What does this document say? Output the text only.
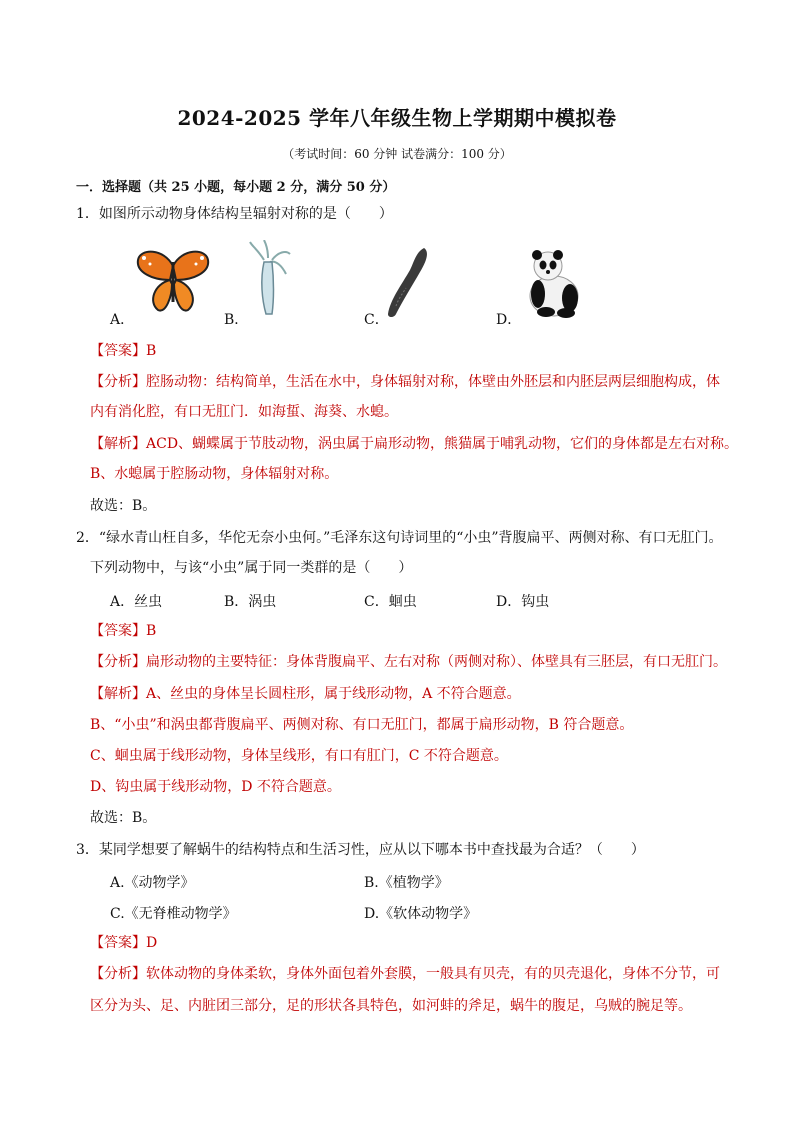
2024-2025 学年八年级生物上学期期中模拟卷
（考试时间：60 分钟 试卷满分：100 分）
一．选择题（共 25 小题，每小题 2 分，满分 50 分）
1．如图所示动物身体结构呈辐射对称的是（　　）
A．	B．	C．	D．
【答案】B
【分析】腔肠动物：结构简单，生活在水中，身体辐射对称，体壁由外胚层和内胚层两层细胞构成，体
内有消化腔，有口无肛门．如海蜇、海葵、水螅。
【解析】ACD、蝴蝶属于节肢动物，涡虫属于扁形动物，熊猫属于哺乳动物，它们的身体都是左右对称。
B、水螅属于腔肠动物，身体辐射对称。
故选：B。
2．“绿水青山枉自多，华佗无奈小虫何。”毛泽东这句诗词里的“小虫”背腹扁平、两侧对称、有口无肛门。
下列动物中，与该“小虫”属于同一类群的是（　　）
A．丝虫	B．涡虫	C．蛔虫	D．钩虫
【答案】B
【分析】扁形动物的主要特征：身体背腹扁平、左右对称（两侧对称）、体壁具有三胚层，有口无肛门。
【解析】A、丝虫的身体呈长圆柱形，属于线形动物，A 不符合题意。
B、“小虫”和涡虫都背腹扁平、两侧对称、有口无肛门，都属于扁形动物，B 符合题意。
C、蛔虫属于线形动物，身体呈线形，有口有肛门，C 不符合题意。
D、钩虫属于线形动物，D 不符合题意。
故选：B。
3．某同学想要了解蜗牛的结构特点和生活习性，应从以下哪本书中查找最为合适？（　　）
A.《动物学》	B.《植物学》
C.《无脊椎动物学》	D.《软体动物学》
【答案】D
【分析】软体动物的身体柔软，身体外面包着外套膜，一般具有贝壳，有的贝壳退化，身体不分节，可
区分为头、足、内脏团三部分，足的形状各具特色，如河蚌的斧足，蜗牛的腹足，乌贼的腕足等。
